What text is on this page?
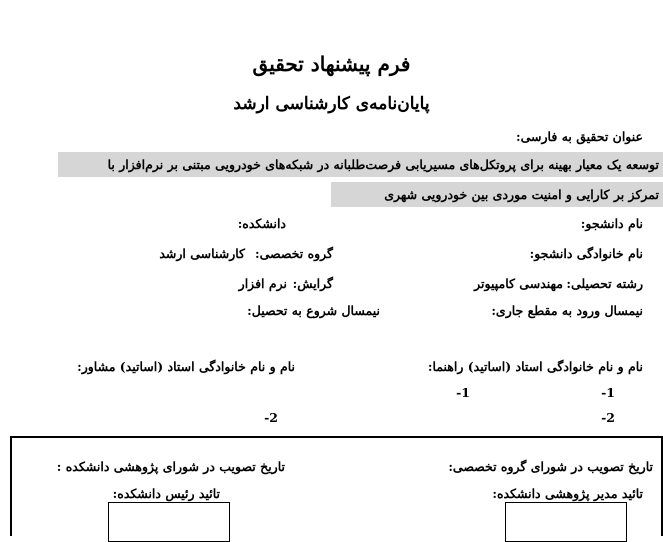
فرم پیشنهاد تحقیق
پایان‌نامه‌ی کارشناسی ارشد
عنوان تحقیق به فارسی:
توسعه یک معیار بهینه برای پروتکل‌های مسیریابی فرصت‌طلبانه در شبکه‌های خودرویی مبتنی بر نرم‌افزار با
تمرکز بر کارایی و امنیت موردی بین خودرویی شهری
نام دانشجو:
دانشکده:
نام خانوادگی دانشجو:
گروه تخصصی:
کارشناسی ارشد
رشته تحصیلی:
مهندسی کامپیوتر
گرایش:
نرم افزار
نیمسال ورود به مقطع جاری:
نیمسال شروع به تحصیل:
نام و نام خانوادگی استاد (اساتید) راهنما:
نام و نام خانوادگی استاد (اساتید) مشاور:
1-
1-
2-
2-
تاریخ تصویب در شورای گروه تخصصی:
تاریخ تصویب در شورای پژوهشی دانشکده :
تائید مدیر پژوهشی دانشکده:
تائید رئیس دانشکده:
